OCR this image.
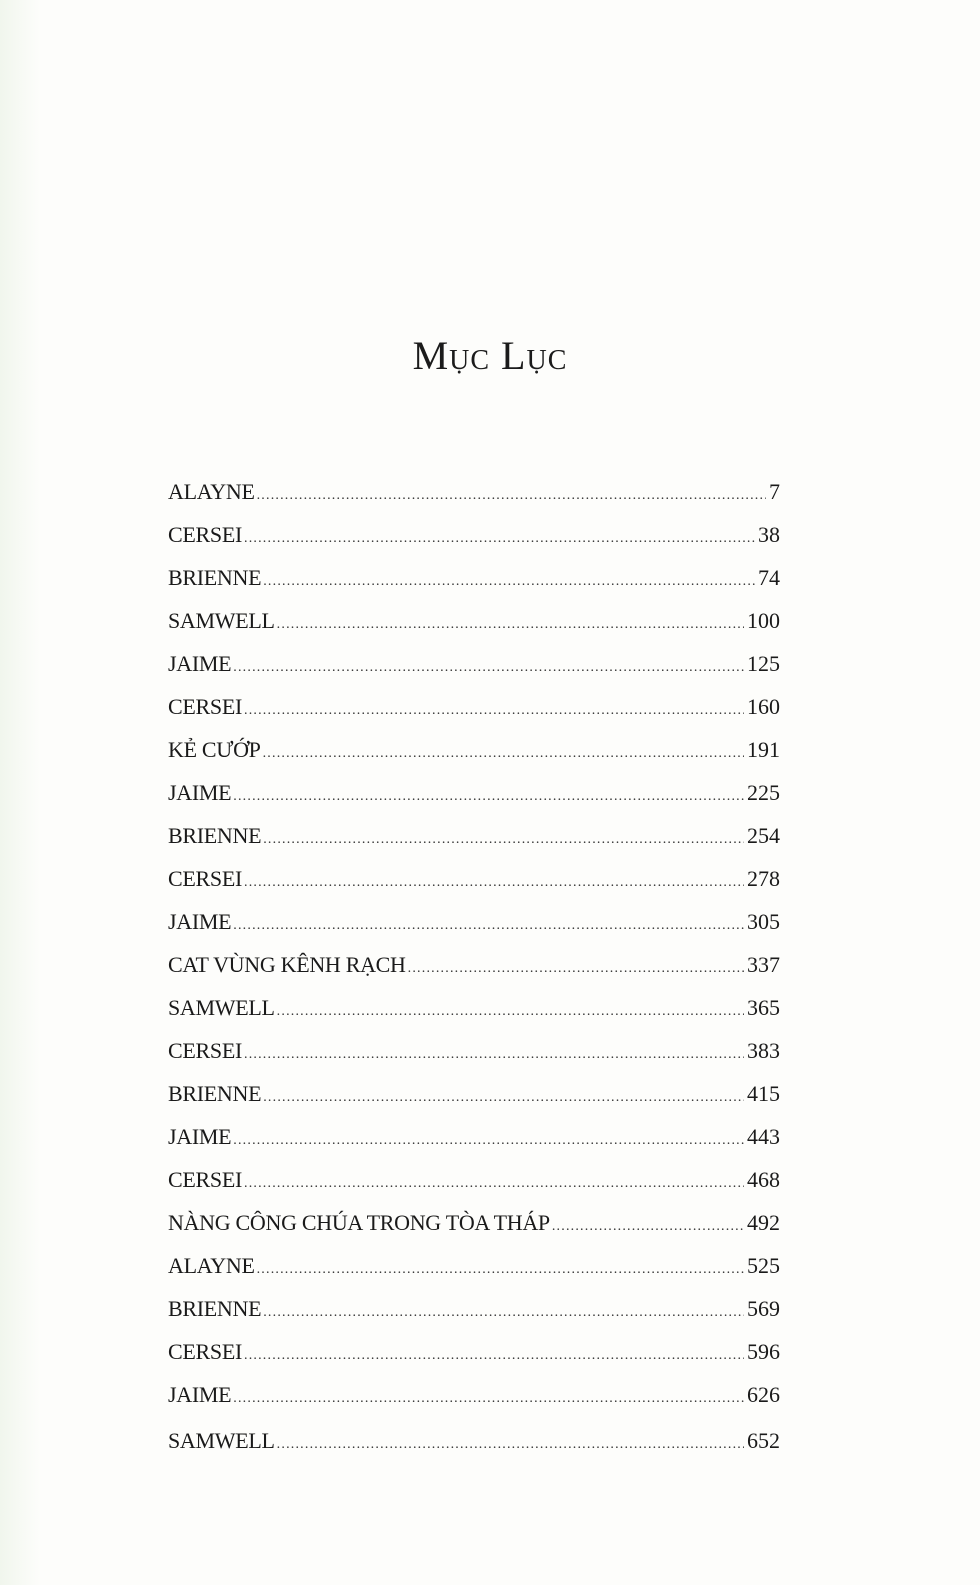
Mục Lục
ALAYNE .....	7
CERSEI .....	38
BRIENNE .....	74
SAMWELL .....	100
JAIME .....	125
CERSEI .....	160
KẺ CƯỚP .....	191
JAIME .....	225
BRIENNE .....	254
CERSEI .....	278
JAIME .....	305
CAT VÙNG KÊNH RẠCH .....	337
SAMWELL .....	365
CERSEI .....	383
BRIENNE .....	415
JAIME .....	443
CERSEI .....	468
NÀNG CÔNG CHÚA TRONG TÒA THÁP .....	492
ALAYNE .....	525
BRIENNE .....	569
CERSEI .....	596
JAIME .....	626
SAMWELL .....	652
